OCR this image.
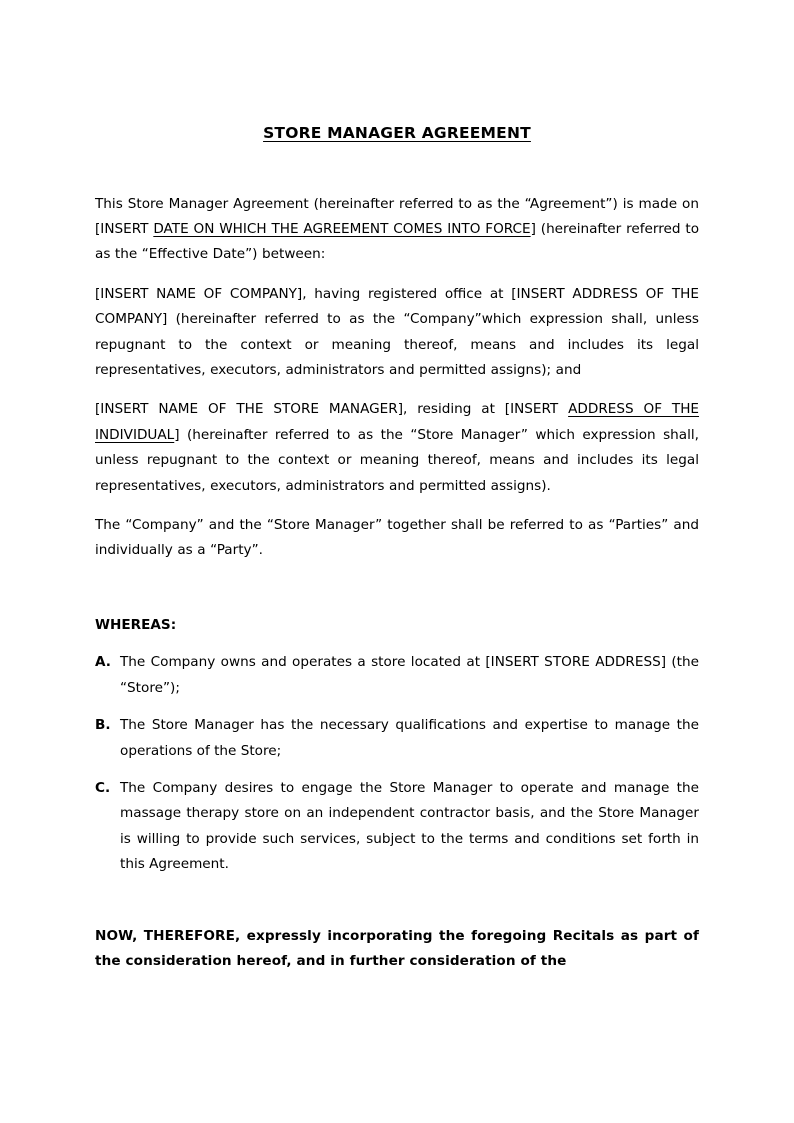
STORE MANAGER AGREEMENT

This Store Manager Agreement (hereinafter referred to as the “Agreement”) is made on [INSERT DATE ON WHICH THE AGREEMENT COMES INTO FORCE] (hereinafter referred to as the “Effective Date”) between:

[INSERT NAME OF COMPANY], having registered office at [INSERT ADDRESS OF THE COMPANY] (hereinafter referred to as the “Company”which expression shall, unless repugnant to the context or meaning thereof, means and includes its legal representatives, executors, administrators and permitted assigns); and

[INSERT NAME OF THE STORE MANAGER], residing at [INSERT ADDRESS OF THE INDIVIDUAL] (hereinafter referred to as the “Store Manager” which expression shall, unless repugnant to the context or meaning thereof, means and includes its legal representatives, executors, administrators and permitted assigns).

The “Company” and the “Store Manager” together shall be referred to as “Parties” and individually as a “Party”.

WHEREAS:

A. The Company owns and operates a store located at [INSERT STORE ADDRESS] (the “Store”);
B. The Store Manager has the necessary qualifications and expertise to manage the operations of the Store;
C. The Company desires to engage the Store Manager to operate and manage the massage therapy store on an independent contractor basis, and the Store Manager is willing to provide such services, subject to the terms and conditions set forth in this Agreement.

NOW, THEREFORE, expressly incorporating the foregoing Recitals as part of the consideration hereof, and in further consideration of the
